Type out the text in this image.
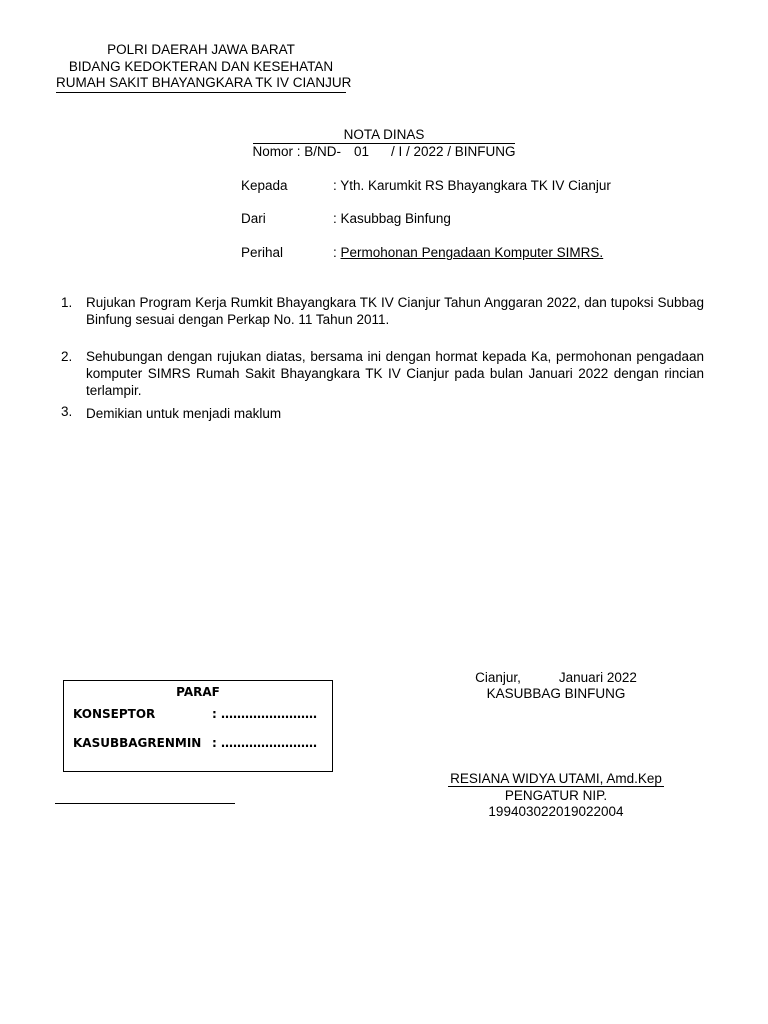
POLRI DAERAH JAWA BARAT
BIDANG KEDOKTERAN DAN KESEHATAN
RUMAH SAKIT BHAYANGKARA TK IV CIANJUR
NOTA DINAS
Nomor : B/ND- 01 / I / 2022 / BINFUNG
Kepada	: Yth. Karumkit RS Bhayangkara TK IV Cianjur
Dari	: Kasubbag Binfung
Perihal	: Permohonan Pengadaan Komputer SIMRS.
1. Rujukan Program Kerja Rumkit Bhayangkara TK IV Cianjur Tahun Anggaran 2022, dan tupoksi Subbag Binfung sesuai dengan Perkap No. 11 Tahun 2011.
2. Sehubungan dengan rujukan diatas, bersama ini dengan hormat kepada Ka, permohonan pengadaan komputer SIMRS Rumah Sakit Bhayangkara TK IV Cianjur pada bulan Januari 2022 dengan rincian terlampir.
3. Demikian untuk menjadi maklum
PARAF
KONSEPTOR	: ……………………
KASUBBAGRENMIN : ……………………
Cianjur,	Januari 2022
KASUBBAG BINFUNG
RESIANA WIDYA UTAMI, Amd.Kep
PENGATUR NIP. 199403022019022004
